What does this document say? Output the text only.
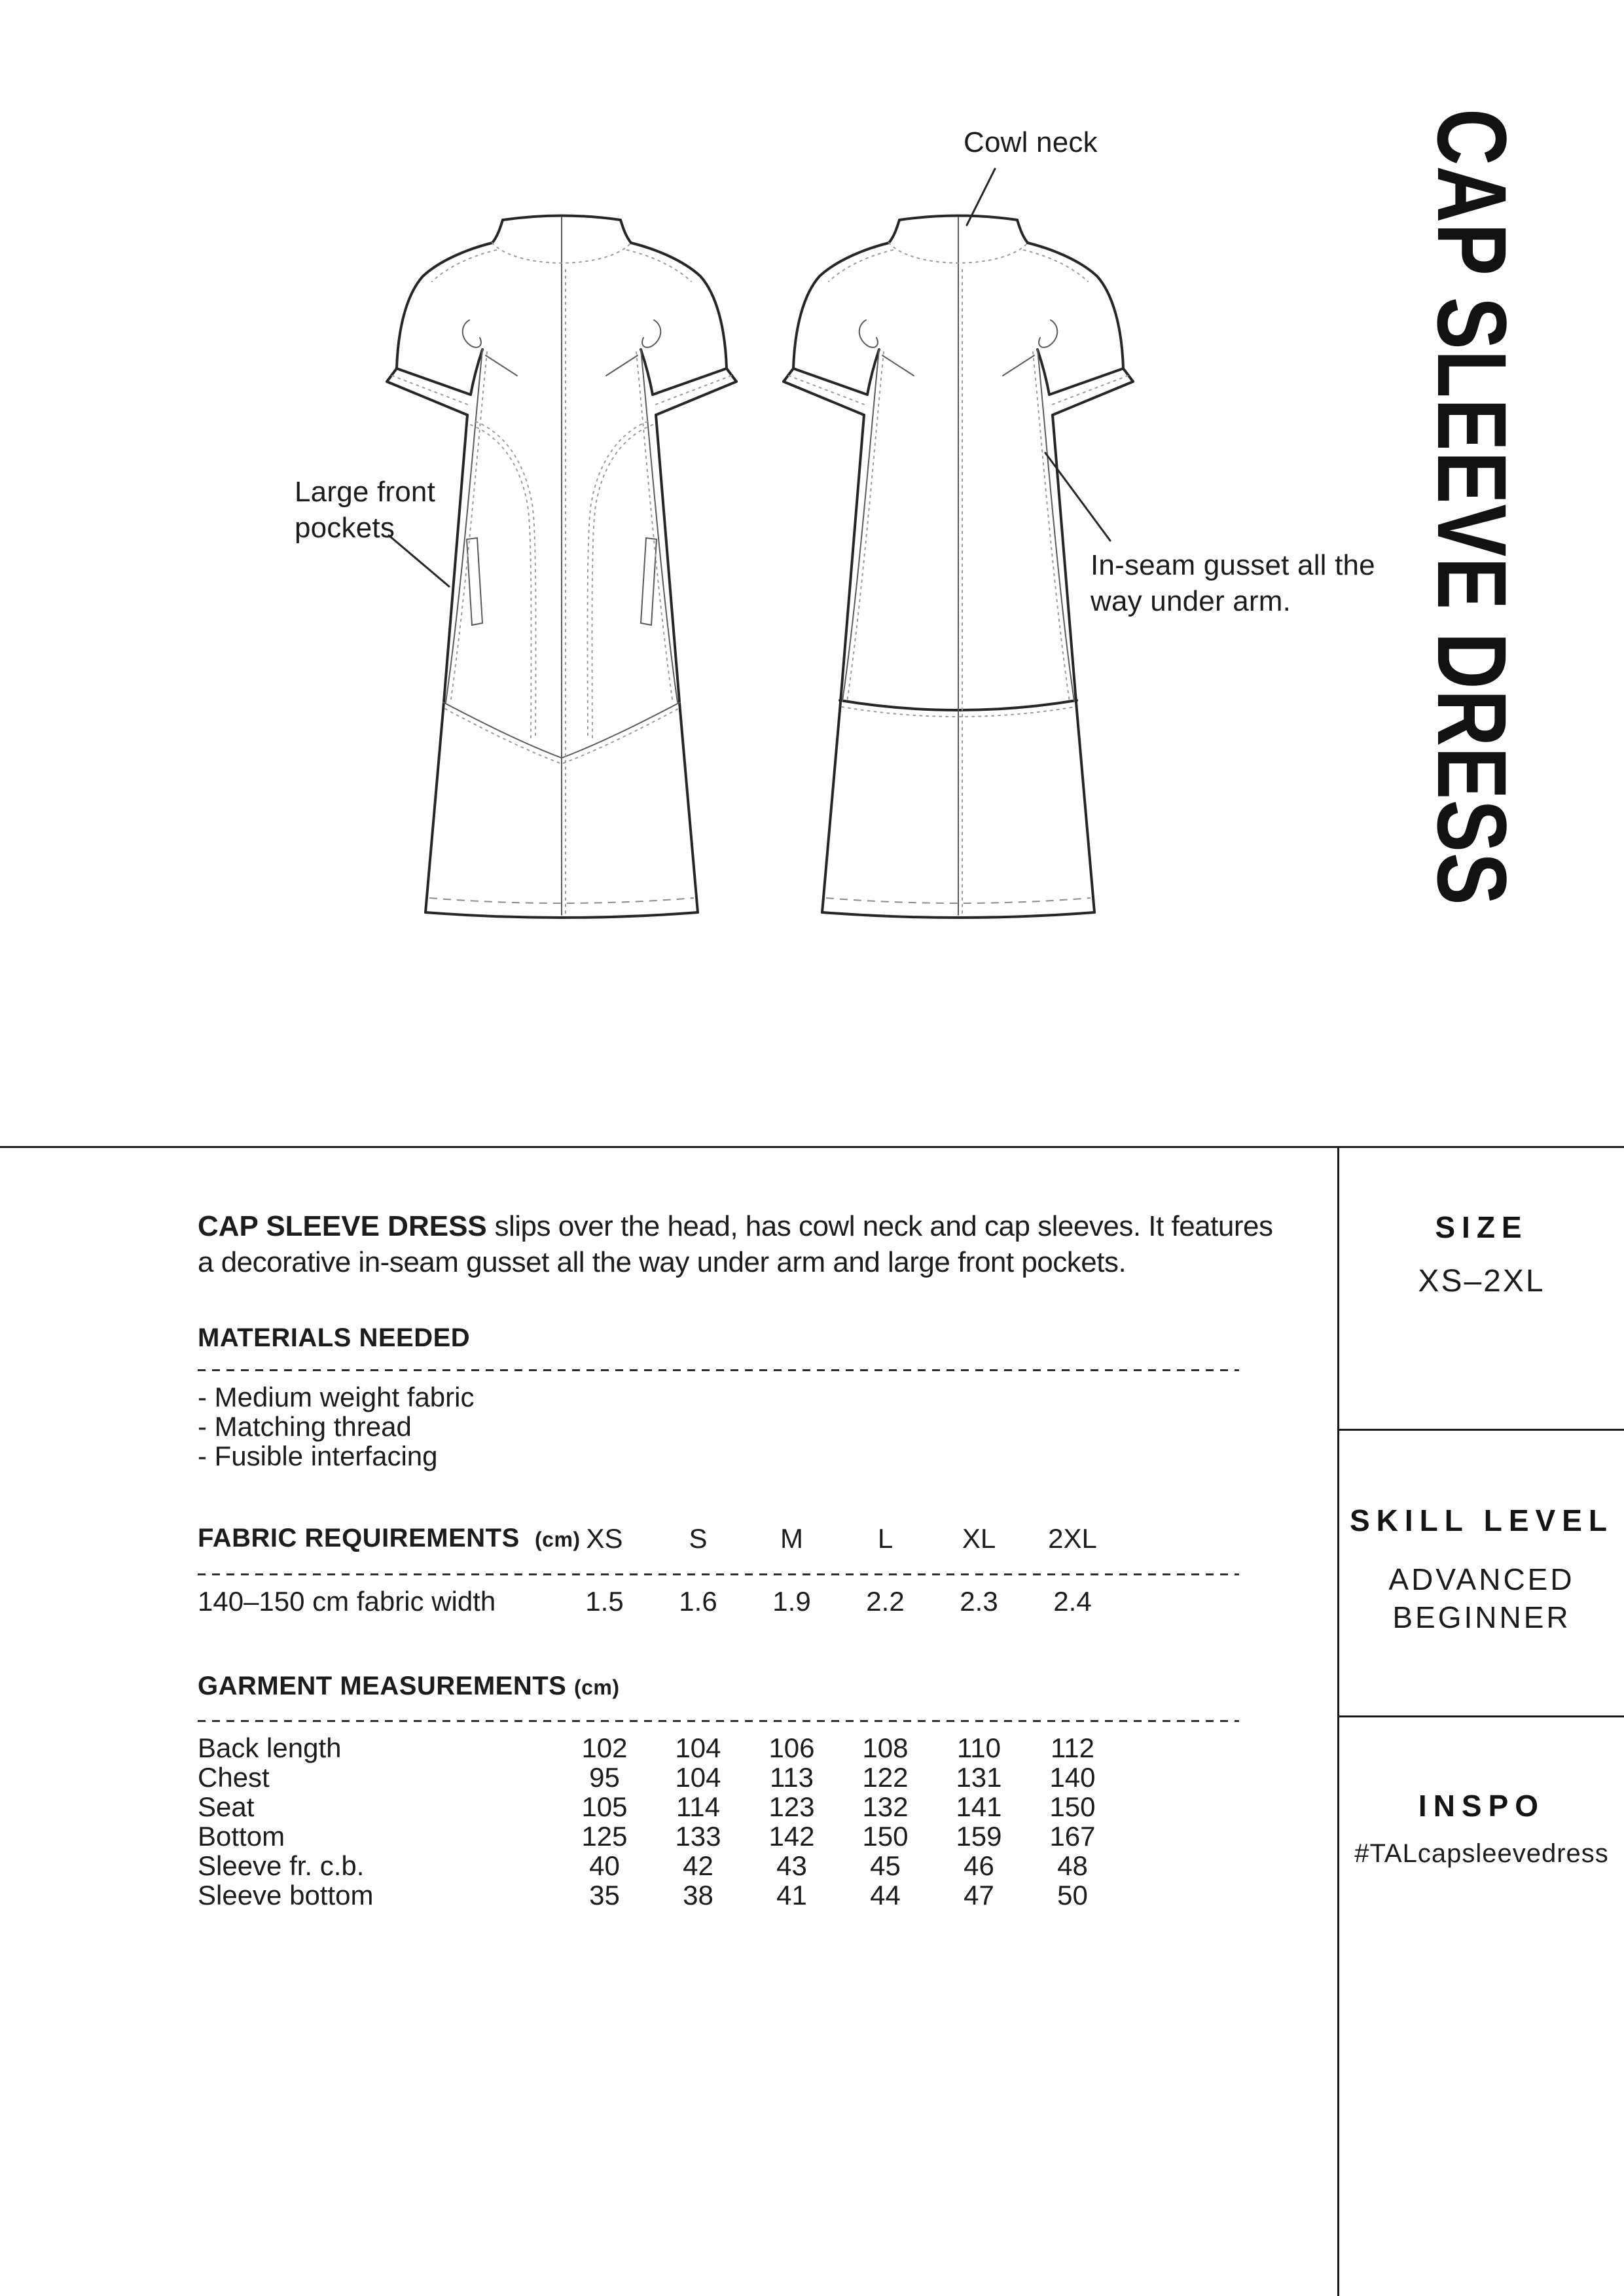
Cowl neck
Large front pockets
In-seam gusset all the way under arm.	CAP SLEEVE DRESS
CAP SLEEVE DRESS slips over the head, has cowl neck and cap sleeves. It features
a decorative in-seam gusset all the way under arm and large front pockets.
MATERIALS NEEDED
- Medium weight fabric
- Matching thread
- Fusible interfacing
FABRIC REQUIREMENTS (cm) XS	S	M	L	XL	2XL
140–150 cm fabric width	1.5	1.6	1.9	2.2	2.3	2.4
GARMENT MEASUREMENTS (cm)
Back length	102	104	106	108	110	112
Chest	95	104	113	122	131	140
Seat	105	114	123	132	141	150
Bottom	125	133	142	150	159	167
Sleeve fr. c.b.	40	42	43	45	46	48
Sleeve bottom	35	38	41	44	47	50
SIZE
XS–2XL
SKILL LEVEL
ADVANCED BEGINNER
INSPO
#TALcapsleevedress
